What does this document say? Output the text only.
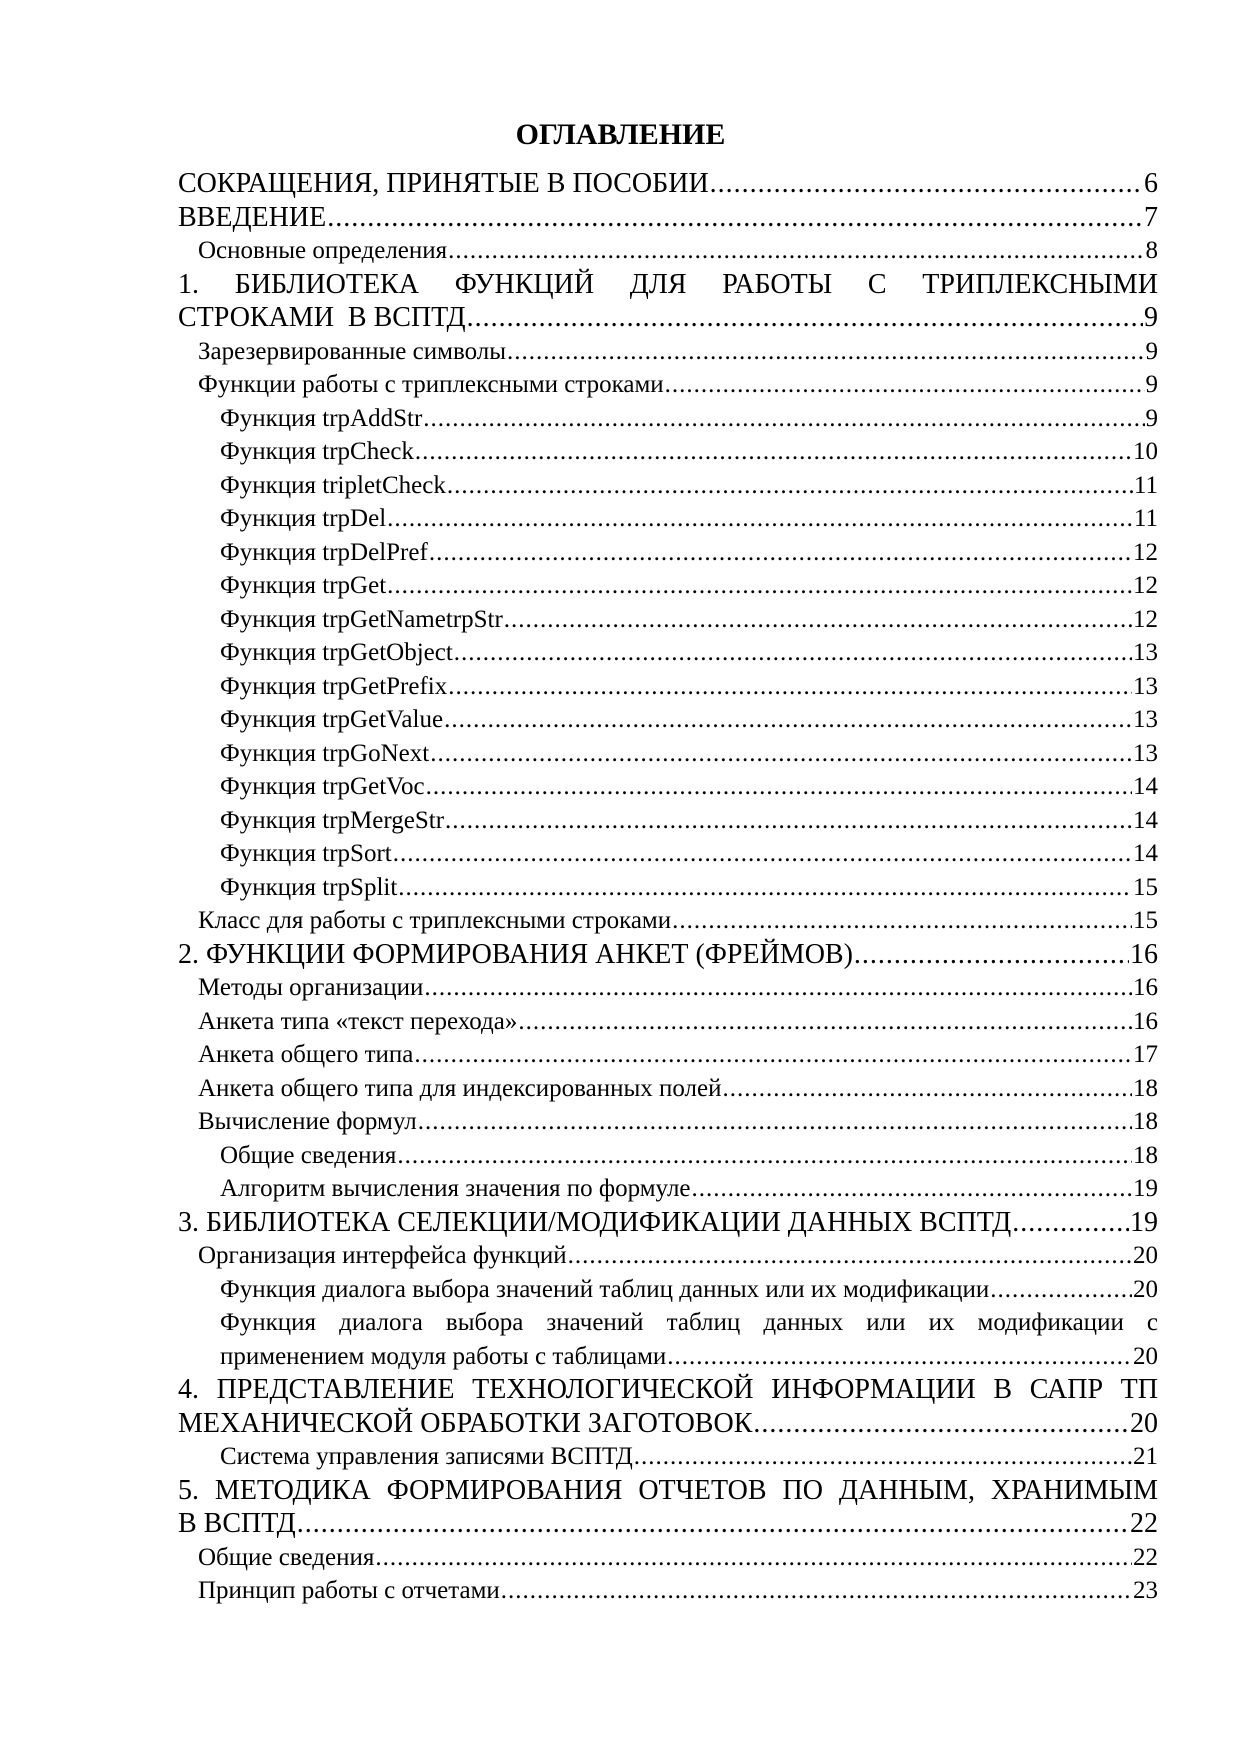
ОГЛАВЛЕНИЕ
СОКРАЩЕНИЯ, ПРИНЯТЫЕ В ПОСОБИИ .....	6
ВВЕДЕНИЕ .....	7
Основные определения .....	8
1. БИБЛИОТЕКА ФУНКЦИЙ ДЛЯ РАБОТЫ С ТРИПЛЕКСНЫМИ
СТРОКАМИ  В ВСПТД .....	9
Зарезервированные символы .....	9
Функции работы с триплексными строками .....	9
Функция trpAddStr .....	9
Функция trpCheck .....	10
Функция tripletCheck .....	11
Функция trpDel .....	11
Функция trpDelPref .....	12
Функция trpGet .....	12
Функция trpGetNametrpStr .....	12
Функция trpGetObject .....	13
Функция trpGetPrefix .....	13
Функция trpGetValue .....	13
Функция trpGoNext .....	13
Функция trpGetVoc .....	14
Функция trpMergeStr .....	14
Функция trpSort .....	14
Функция trpSplit .....	15
Класс для работы с триплексными строками .....	15
2. ФУНКЦИИ ФОРМИРОВАНИЯ АНКЕТ (ФРЕЙМОВ) .....	16
Методы организации .....	16
Анкета типа «текст перехода» .....	16
Анкета общего типа .....	17
Анкета общего типа для индексированных полей .....	18
Вычисление формул .....	18
Общие сведения .....	18
Алгоритм вычисления значения по формуле .....	19
3. БИБЛИОТЕКА СЕЛЕКЦИИ/МОДИФИКАЦИИ ДАННЫХ ВСПТД .....	19
Организация интерфейса функций .....	20
Функция диалога выбора значений таблиц данных или их модификации .....	20
Функция диалога выбора значений таблиц данных или их модификации с
применением модуля работы с таблицами .....	20
4. ПРЕДСТАВЛЕНИЕ ТЕХНОЛОГИЧЕСКОЙ ИНФОРМАЦИИ В САПР ТП
МЕХАНИЧЕСКОЙ ОБРАБОТКИ ЗАГОТОВОК .....	20
Система управления записями ВСПТД .....	21
5. МЕТОДИКА ФОРМИРОВАНИЯ ОТЧЕТОВ ПО ДАННЫМ, ХРАНИМЫМ
В ВСПТД .....	22
Общие сведения .....	22
Принцип работы с отчетами .....	23
